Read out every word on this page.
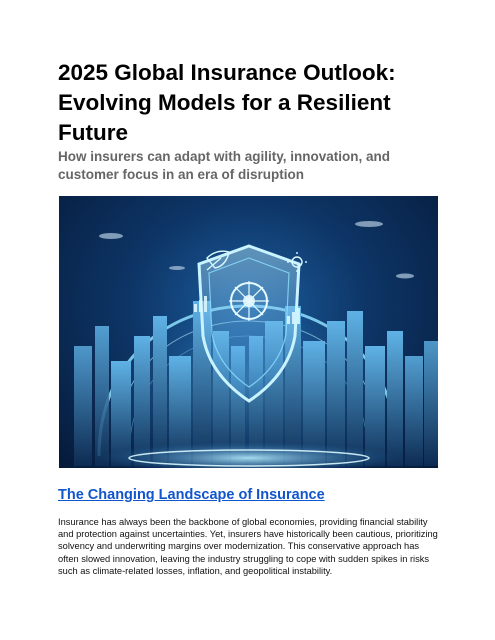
2025 Global Insurance Outlook: Evolving Models for a Resilient Future
How insurers can adapt with agility, innovation, and customer focus in an era of disruption
The Changing Landscape of Insurance

Insurance has always been the backbone of global economies, providing financial stability and protection against uncertainties. Yet, insurers have historically been cautious, prioritizing solvency and underwriting margins over modernization. This conservative approach has often slowed innovation, leaving the industry struggling to cope with sudden spikes in risks such as climate-related losses, inflation, and geopolitical instability.
